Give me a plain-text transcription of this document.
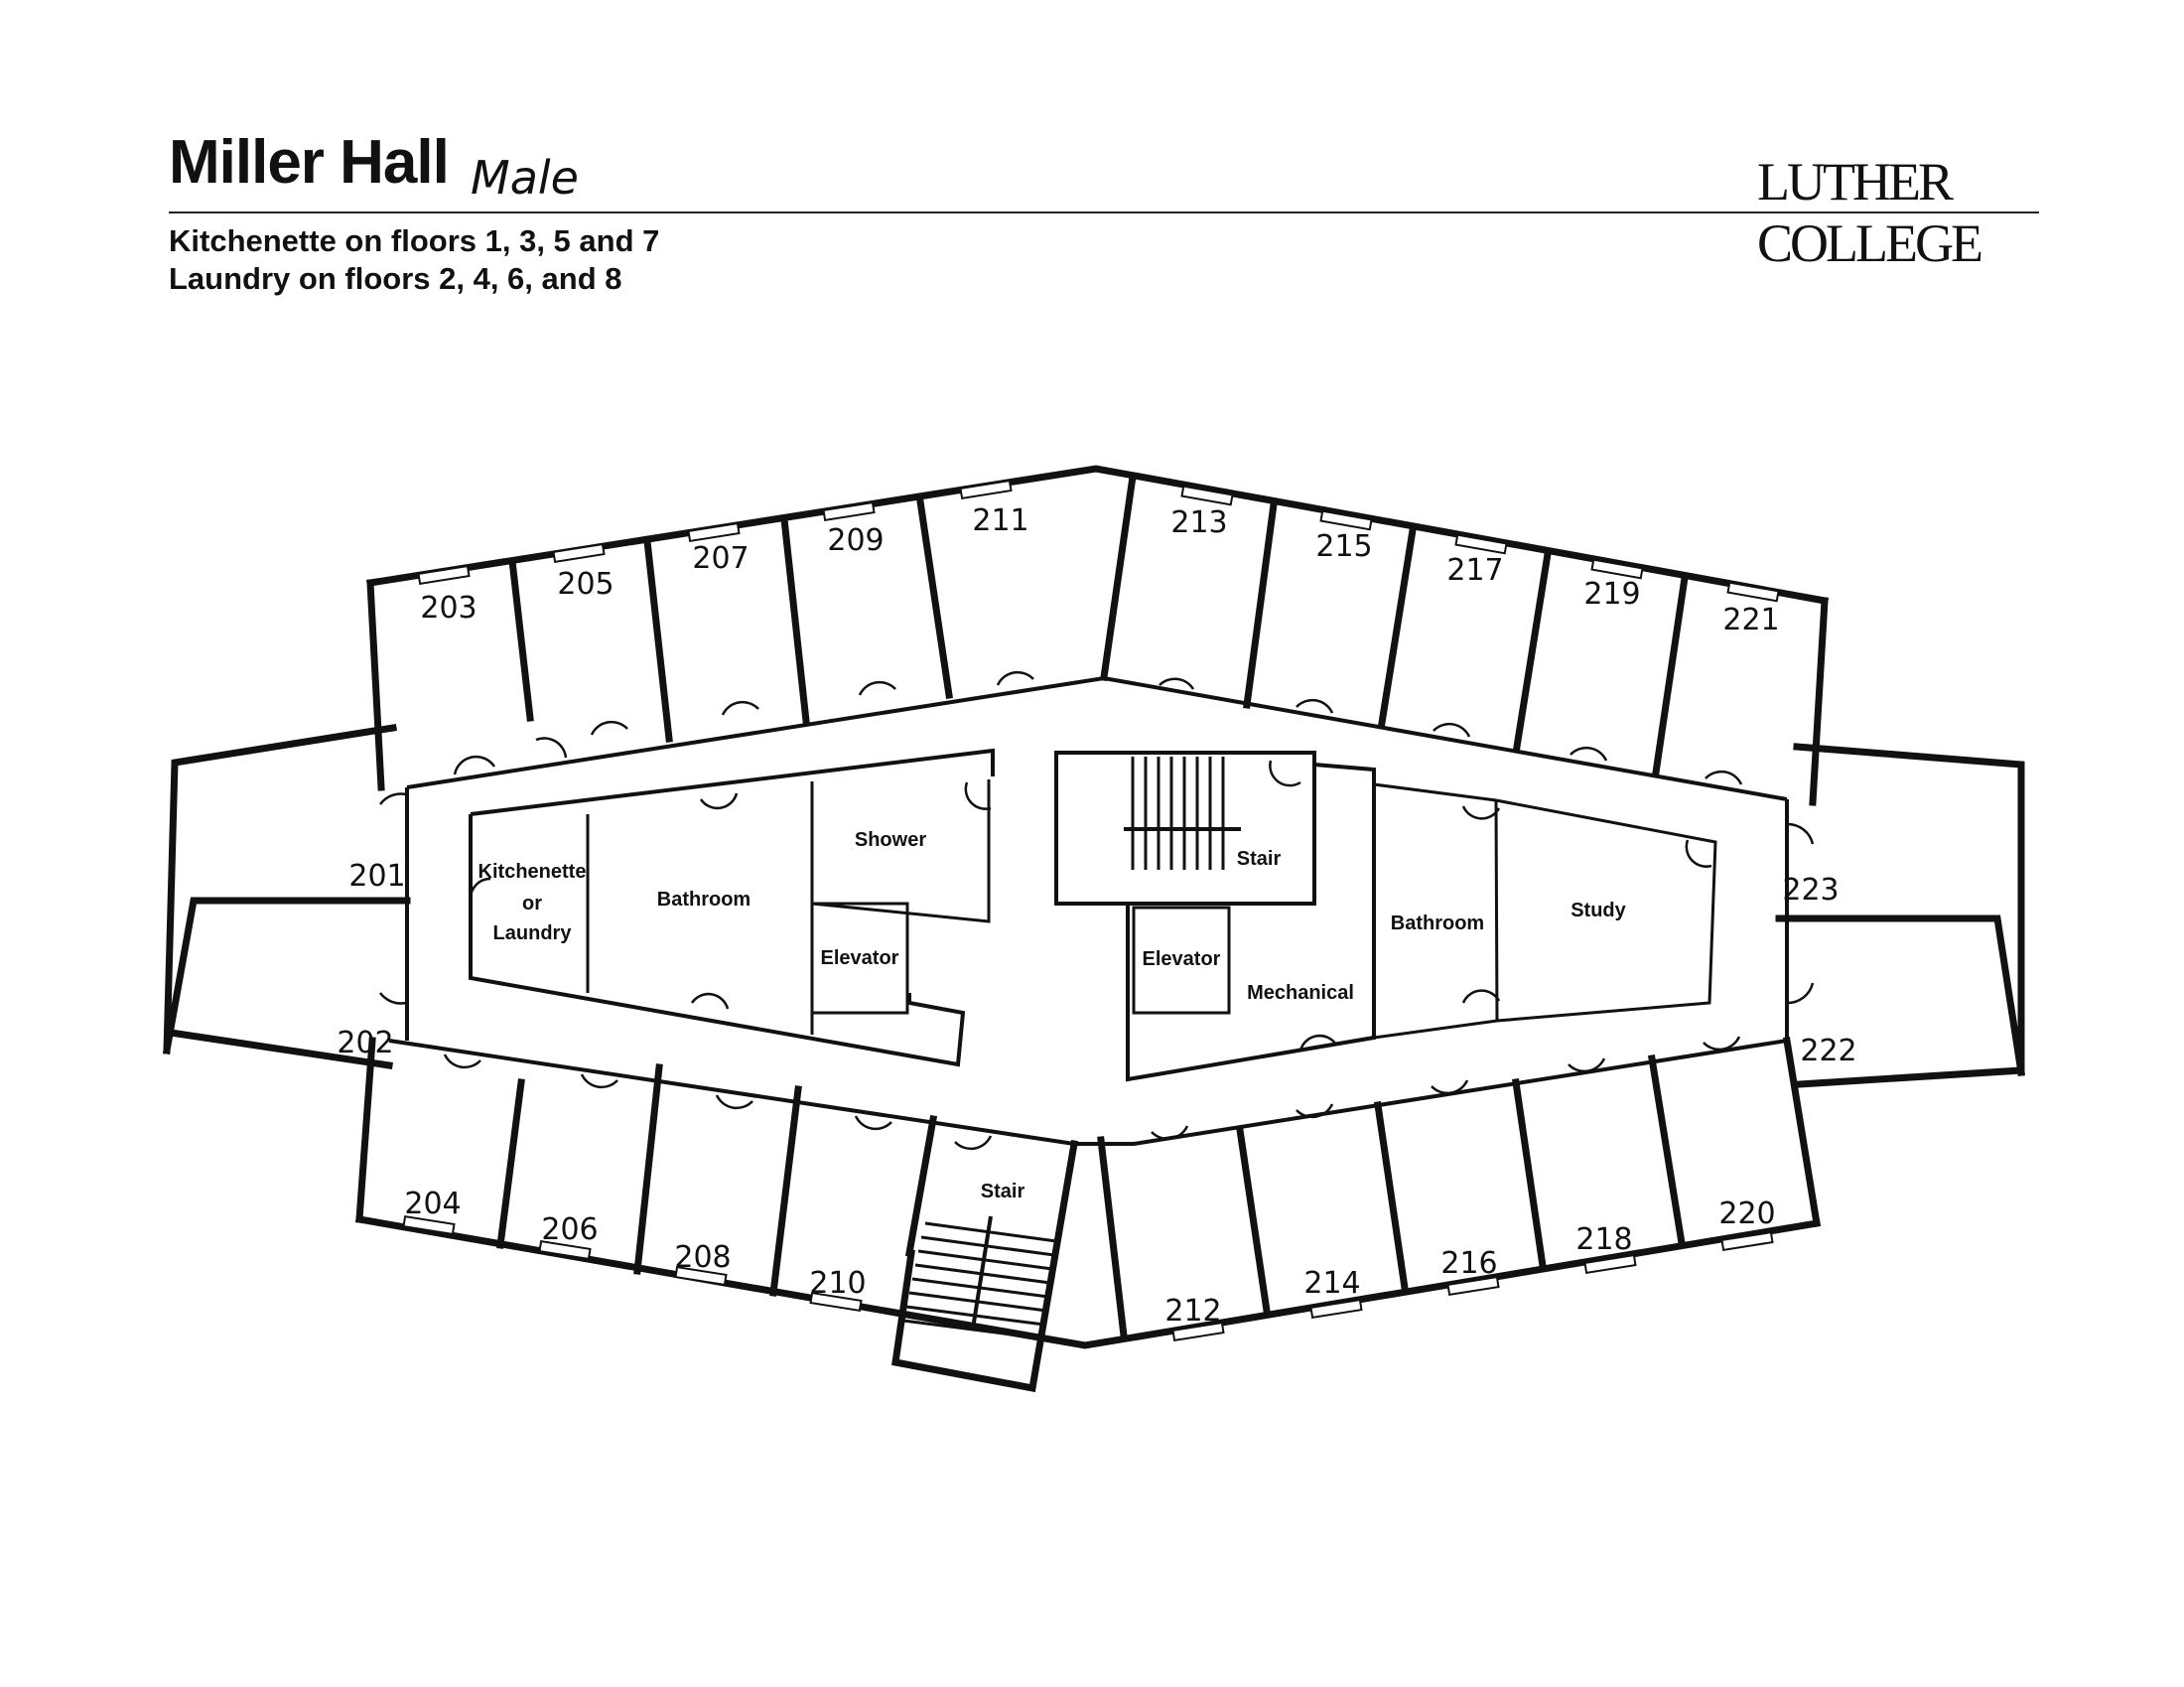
Miller Hall Male	LUTHER COLLEGE
Kitchenette on floors 1, 3, 5 and 7
Laundry on floors 2, 4, 6, and 8
201
202
203
204
205
206
207
208
209
210
211
212
213
214
215
216
217
218
219
220
221
222
223
Kitchenette
or
Laundry
Bathroom
Shower
Elevator
Stair
Stair
Elevator
Mechanical
Bathroom
Study
